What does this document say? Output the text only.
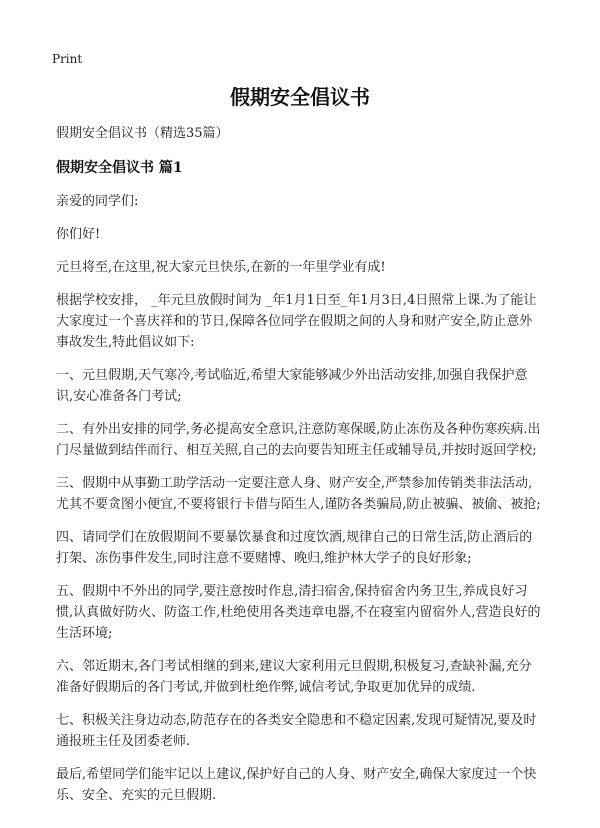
Print
假期安全倡议书

假期安全倡议书（精选35篇）

假期安全倡议书 篇1

亲爱的同学们:

你们好!

元旦将至,在这里,祝大家元旦快乐,在新的一年里学业有成!

根据学校安排， _年元旦放假时间为 _年1月1日至_年1月3日,4日照常上课.为了能让大家度过一个喜庆祥和的节日,保障各位同学在假期之间的人身和财产安全,防止意外事故发生,特此倡议如下:

一、元旦假期,天气寒冷,考试临近,希望大家能够减少外出活动安排,加强自我保护意识,安心准备各门考试;

二、有外出安排的同学,务必提高安全意识,注意防寒保暖,防止冻伤及各种伤寒疾病.出门尽量做到结伴而行、相互关照,自己的去向要告知班主任或辅导员,并按时返回学校;

三、假期中从事勤工助学活动一定要注意人身、财产安全,严禁参加传销类非法活动,尤其不要贪图小便宜,不要将银行卡借与陌生人,谨防各类骗局,防止被骗、被偷、被抢;

四、请同学们在放假期间不要暴饮暴食和过度饮酒,规律自己的日常生活,防止酒后的打架、冻伤事件发生,同时注意不要赌博、晚归,维护林大学子的良好形象;

五、假期中不外出的同学,要注意按时作息,清扫宿舍,保持宿舍内务卫生,养成良好习惯,认真做好防火、防盗工作,杜绝使用各类违章电器,不在寝室内留宿外人,营造良好的生活环境;

六、邻近期末,各门考试相继的到来,建议大家利用元旦假期,积极复习,查缺补漏,充分准备好假期后的各门考试,并做到杜绝作弊,诚信考试,争取更加优异的成绩.

七、积极关注身边动态,防范存在的各类安全隐患和不稳定因素,发现可疑情况,要及时通报班主任及团委老师.

最后,希望同学们能牢记以上建议,保护好自己的人身、财产安全,确保大家度过一个快乐、安全、充实的元旦假期.
